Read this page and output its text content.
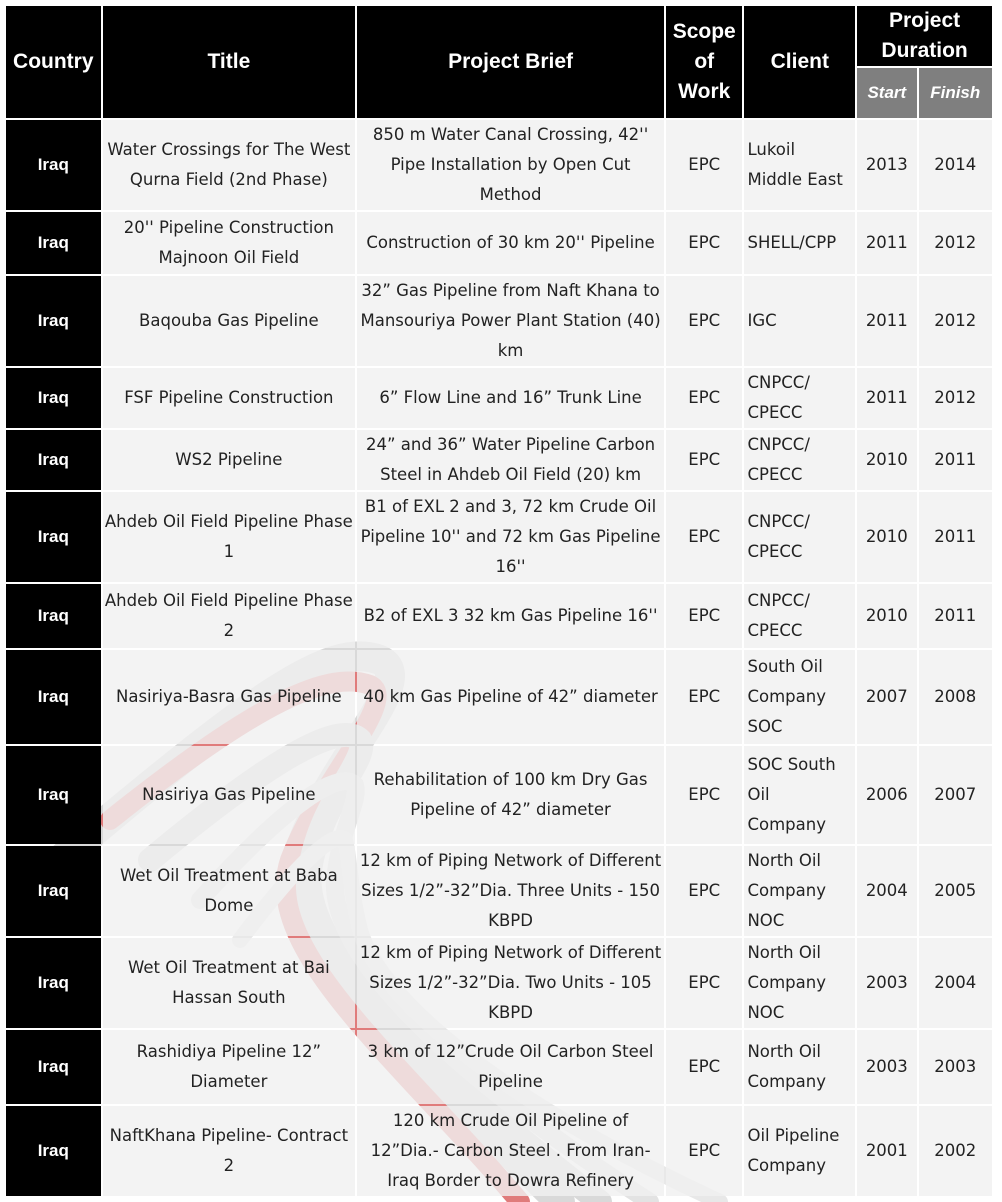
Country	Title	Project Brief	Scope of Work	Client	Project Duration	
					Start	Finish
Iraq	Water Crossings for The West Qurna Field (2nd Phase)	850 m Water Canal Crossing, 42'' Pipe Installation by Open Cut Method	EPC	Lukoil Middle East	2013	2014
Iraq	20'' Pipeline Construction Majnoon Oil Field	Construction of 30 km 20'' Pipeline	EPC	SHELL/CPP	2011	2012
Iraq	Baqouba Gas Pipeline	32” Gas Pipeline from Naft Khana to Mansouriya Power Plant Station (40) km	EPC	IGC	2011	2012
Iraq	FSF Pipeline Construction	6” Flow Line and 16” Trunk Line	EPC	CNPCC/ CPECC	2011	2012
Iraq	WS2 Pipeline	24” and 36” Water Pipeline Carbon Steel in Ahdeb Oil Field (20) km	EPC	CNPCC/ CPECC	2010	2011
Iraq	Ahdeb Oil Field Pipeline Phase 1	B1 of EXL 2 and 3, 72 km Crude Oil Pipeline 10'' and 72 km Gas Pipeline 16''	EPC	CNPCC/ CPECC	2010	2011
Iraq	Ahdeb Oil Field Pipeline Phase 2	B2 of EXL 3 32 km Gas Pipeline 16''	EPC	CNPCC/ CPECC	2010	2011
Iraq	Nasiriya-Basra Gas Pipeline	40 km Gas Pipeline of 42” diameter	EPC	South Oil Company SOC	2007	2008
Iraq	Nasiriya Gas Pipeline	Rehabilitation of 100 km Dry Gas Pipeline of 42” diameter	EPC	SOC South Oil Company	2006	2007
Iraq	Wet Oil Treatment at Baba Dome	12 km of Piping Network of Different Sizes 1/2”-32”Dia. Three Units - 150 KBPD	EPC	North Oil Company NOC	2004	2005
Iraq	Wet Oil Treatment at Bai Hassan South	12 km of Piping Network of Different Sizes 1/2”-32”Dia. Two Units - 105 KBPD	EPC	North Oil Company NOC	2003	2004
Iraq	Rashidiya Pipeline 12” Diameter	3 km of 12”Crude Oil Carbon Steel Pipeline	EPC	North Oil Company	2003	2003
Iraq	NaftKhana Pipeline- Contract 2	120 km Crude Oil Pipeline of 12”Dia.- Carbon Steel . From Iran-Iraq Border to Dowra Refinery	EPC	Oil Pipeline Company	2001	2002
